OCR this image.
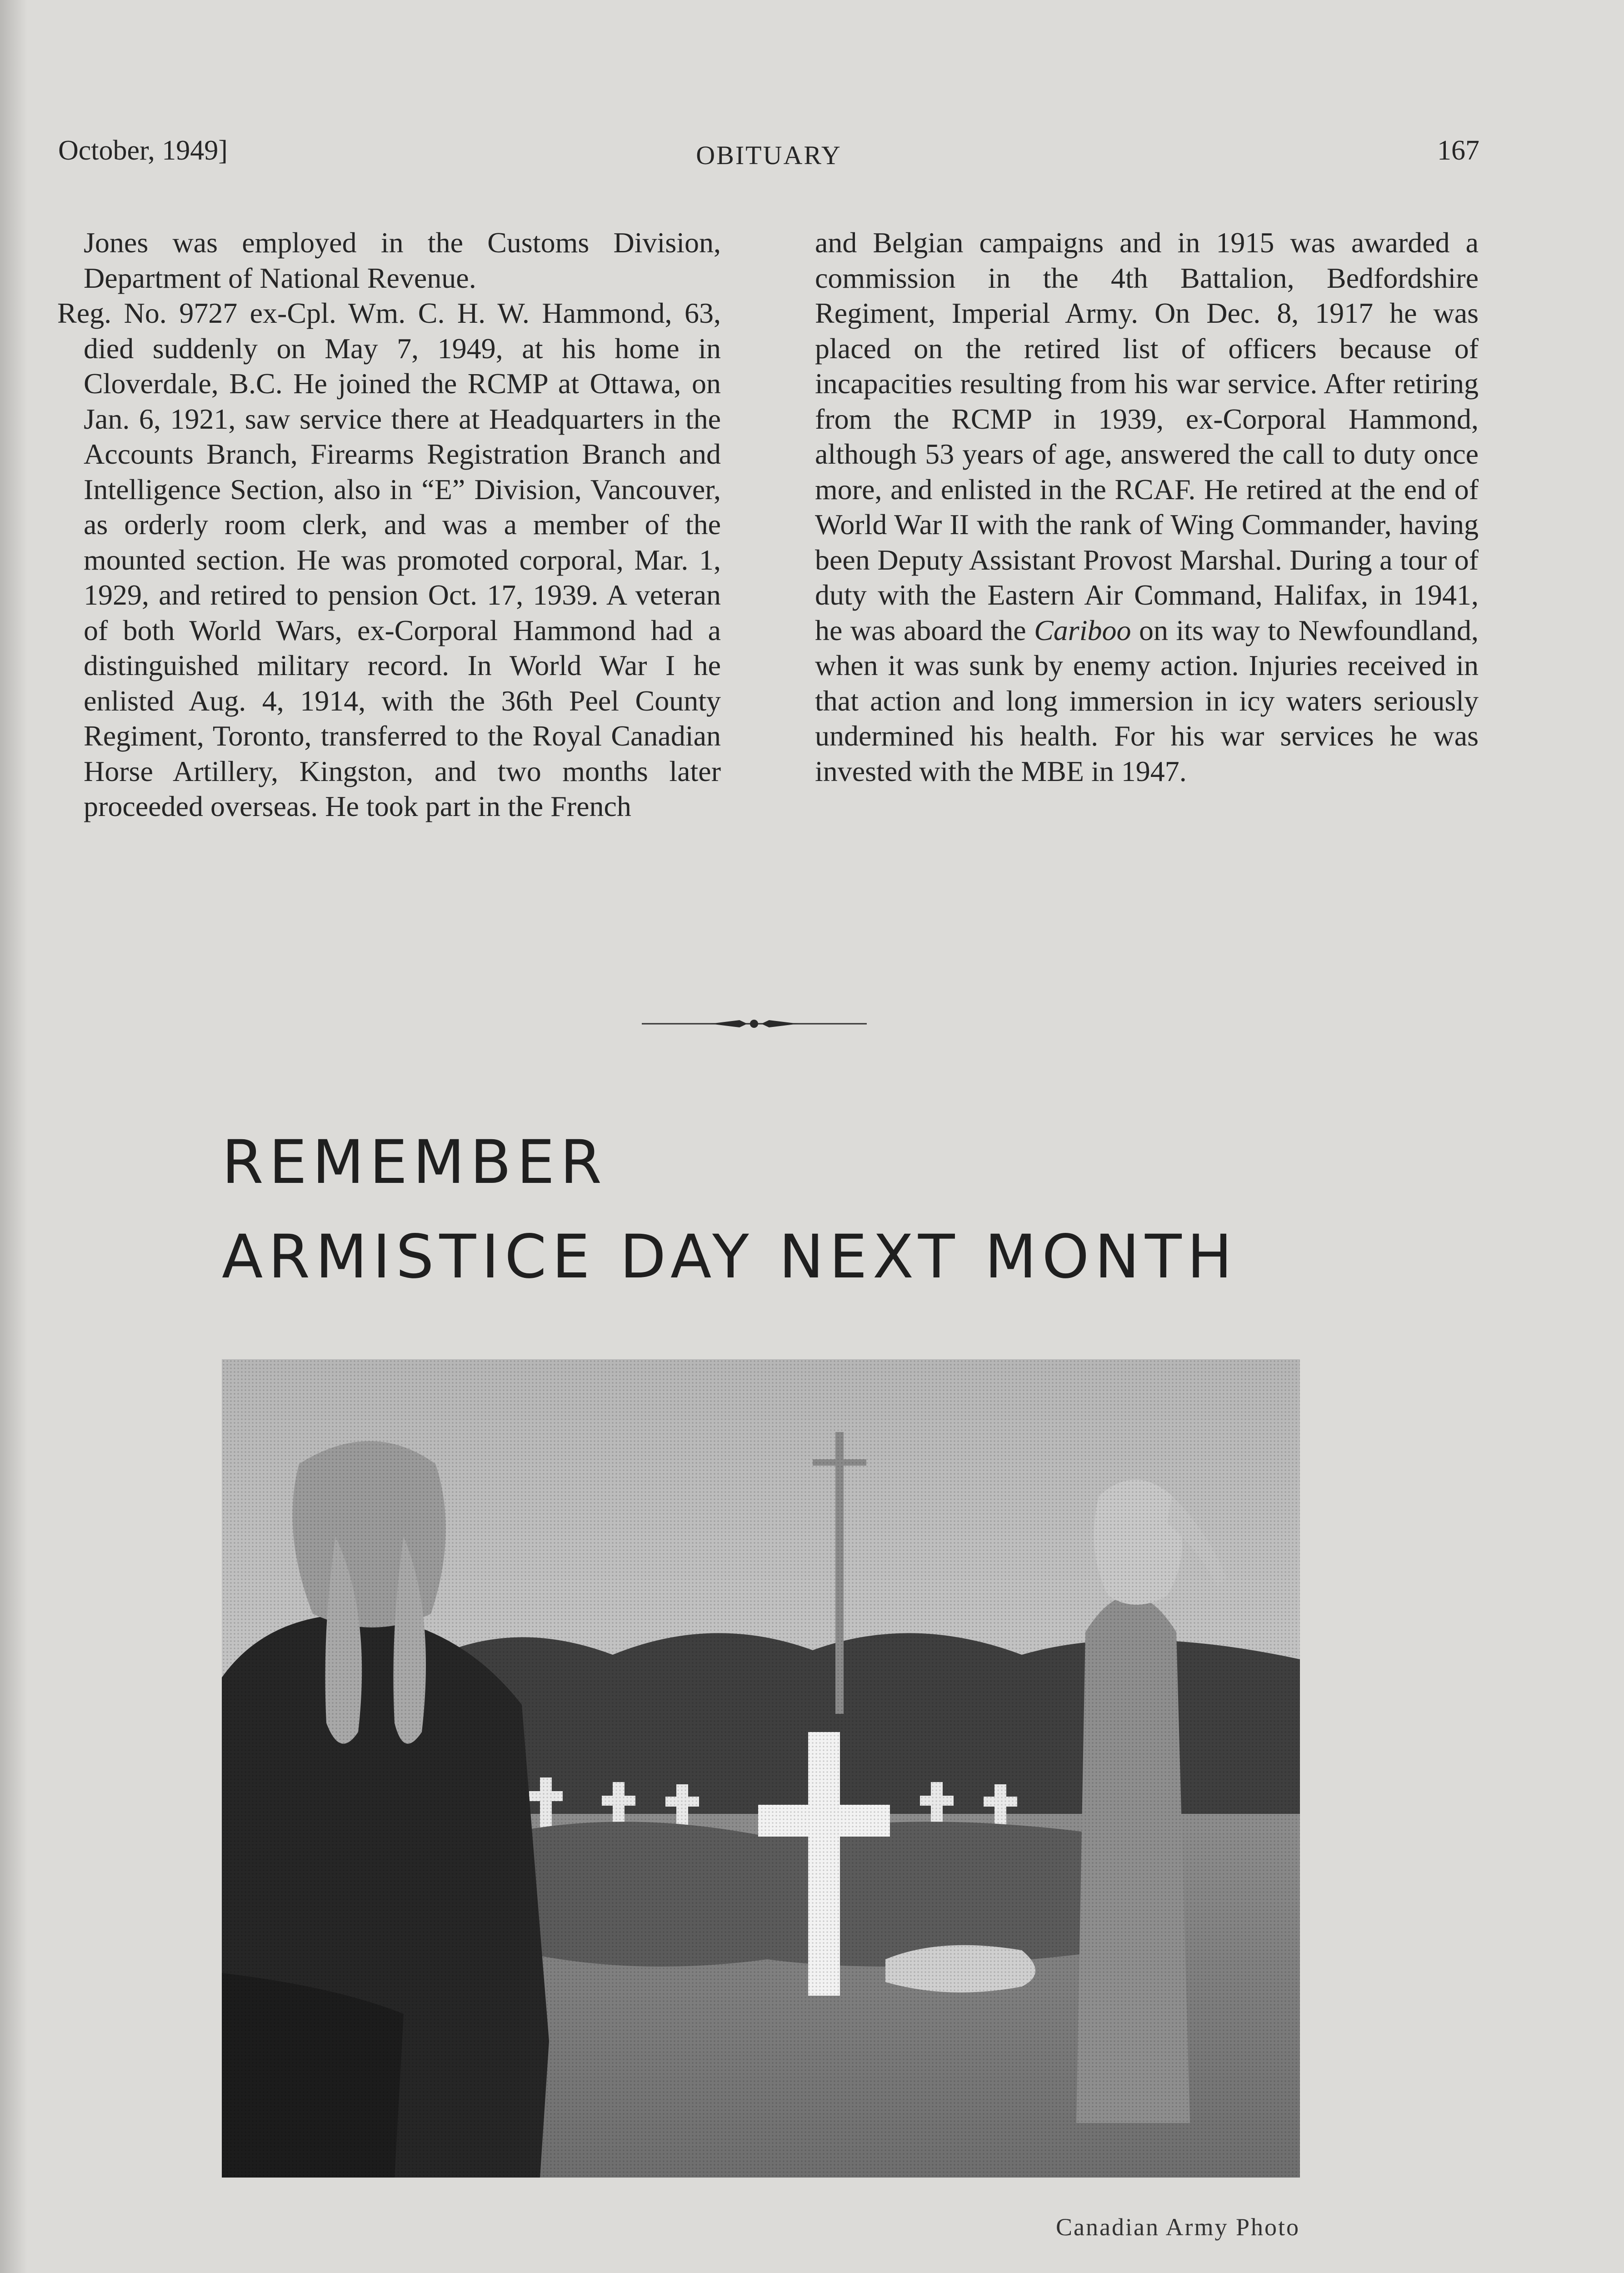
October, 1949]	OBITUARY	167

Jones was employed in the Customs Division, Department of National Revenue.

Reg. No. 9727 ex-Cpl. Wm. C. H. W. Hammond, 63, died suddenly on May 7, 1949, at his home in Cloverdale, B.C. He joined the RCMP at Ottawa, on Jan. 6, 1921, saw service there at Headquarters in the Accounts Branch, Firearms Registration Branch and Intelligence Section, also in “E” Division, Vancouver, as orderly room clerk, and was a member of the mounted section. He was promoted corporal, Mar. 1, 1929, and retired to pension Oct. 17, 1939. A veteran of both World Wars, ex-Corporal Hammond had a distinguished military record. In World War I he enlisted Aug. 4, 1914, with the 36th Peel County Regiment, Toronto, transferred to the Royal Canadian Horse Artillery, Kingston, and two months later proceeded overseas. He took part in the French

and Belgian campaigns and in 1915 was awarded a commission in the 4th Battalion, Bedfordshire Regiment, Imperial Army. On Dec. 8, 1917 he was placed on the retired list of officers because of incapacities resulting from his war service. After retiring from the RCMP in 1939, ex-Corporal Hammond, although 53 years of age, answered the call to duty once more, and enlisted in the RCAF. He retired at the end of World War II with the rank of Wing Commander, having been Deputy Assistant Provost Marshal. During a tour of duty with the Eastern Air Command, Halifax, in 1941, he was aboard the Cariboo on its way to Newfoundland, when it was sunk by enemy action. Injuries received in that action and long immersion in icy waters seriously undermined his health. For his war services he was invested with the MBE in 1947.

REMEMBER
ARMISTICE DAY NEXT MONTH
Canadian Army Photo
